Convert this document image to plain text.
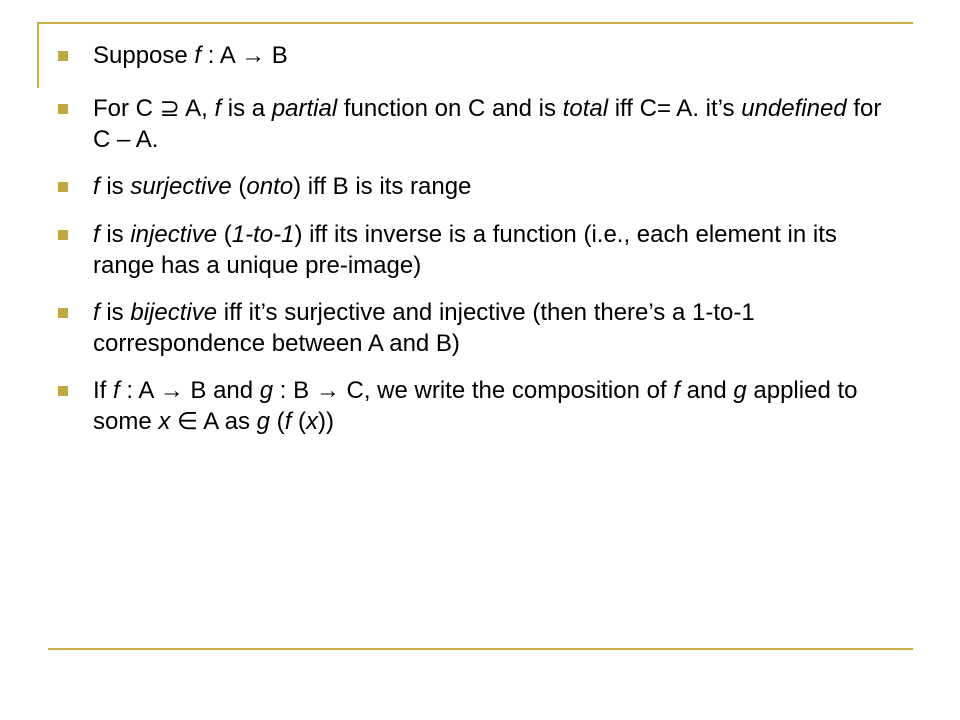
Suppose f : A → B
For C ⊇ A, f is a partial function on C and is total iff C= A. it’s undefined for C – A.
f is surjective (onto) iff B is its range
f is injective (1-to-1) iff its inverse is a function (i.e., each element in its range has a unique pre-image)
f is bijective iff it’s surjective and injective (then there’s a 1-to-1 correspondence between A and B)
If f : A → B and g : B → C, we write the composition of f and g applied to some x ∈ A as g (f (x))
